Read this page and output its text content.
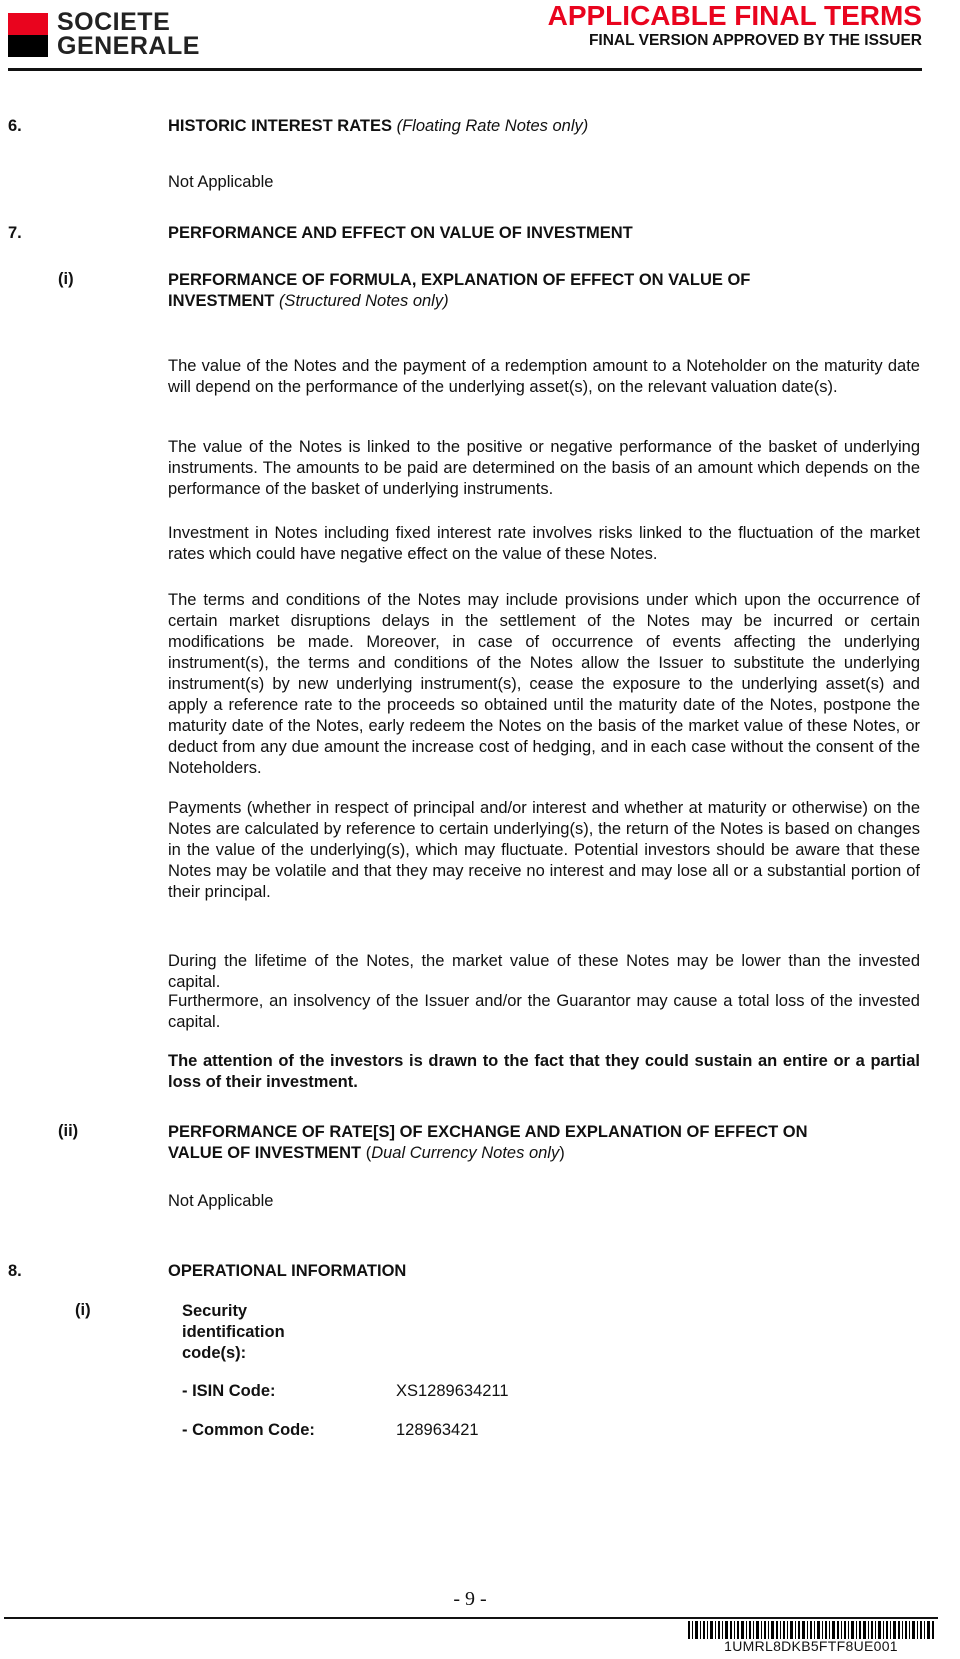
SOCIETE
GENERALE
APPLICABLE FINAL TERMS
FINAL VERSION APPROVED BY THE ISSUER
6.	HISTORIC INTEREST RATES (Floating Rate Notes only)
Not Applicable
7.	PERFORMANCE AND EFFECT ON VALUE OF INVESTMENT
(i)	PERFORMANCE OF FORMULA, EXPLANATION OF EFFECT ON VALUE OF
INVESTMENT (Structured Notes only)
The value of the Notes and the payment of a redemption amount to a Noteholder on the maturity date will depend on the performance of the underlying asset(s), on the relevant valuation date(s).
The value of the Notes is linked to the positive or negative performance of the basket of underlying instruments. The amounts to be paid are determined on the basis of an amount which depends on the performance of the basket of underlying instruments.
Investment in Notes including fixed interest rate involves risks linked to the fluctuation of the market rates which could have negative effect on the value of these Notes.
The terms and conditions of the Notes may include provisions under which upon the occurrence of certain market disruptions delays in the settlement of the Notes may be incurred or certain modifications be made. Moreover, in case of occurrence of events affecting the underlying instrument(s), the terms and conditions of the Notes allow the Issuer to substitute the underlying instrument(s) by new underlying instrument(s), cease the exposure to the underlying asset(s) and apply a reference rate to the proceeds so obtained until the maturity date of the Notes, postpone the maturity date of the Notes, early redeem the Notes on the basis of the market value of these Notes, or deduct from any due amount the increase cost of hedging, and in each case without the consent of the Noteholders.
Payments (whether in respect of principal and/or interest and whether at maturity or otherwise) on the Notes are calculated by reference to certain underlying(s), the return of the Notes is based on changes in the value of the underlying(s), which may fluctuate. Potential investors should be aware that these Notes may be volatile and that they may receive no interest and may lose all or a substantial portion of their principal.
During the lifetime of the Notes, the market value of these Notes may be lower than the invested capital.
Furthermore, an insolvency of the Issuer and/or the Guarantor may cause a total loss of the invested capital.
The attention of the investors is drawn to the fact that they could sustain an entire or a partial loss of their investment.
(ii)	PERFORMANCE OF RATE[S] OF EXCHANGE AND EXPLANATION OF EFFECT ON
VALUE OF INVESTMENT (Dual Currency Notes only)
Not Applicable
8.	OPERATIONAL INFORMATION
(i)	Security
identification
code(s):
- ISIN Code:	XS1289634211
- Common Code:	128963421
- 9 -
1UMRL8DKB5FTF8UE001
